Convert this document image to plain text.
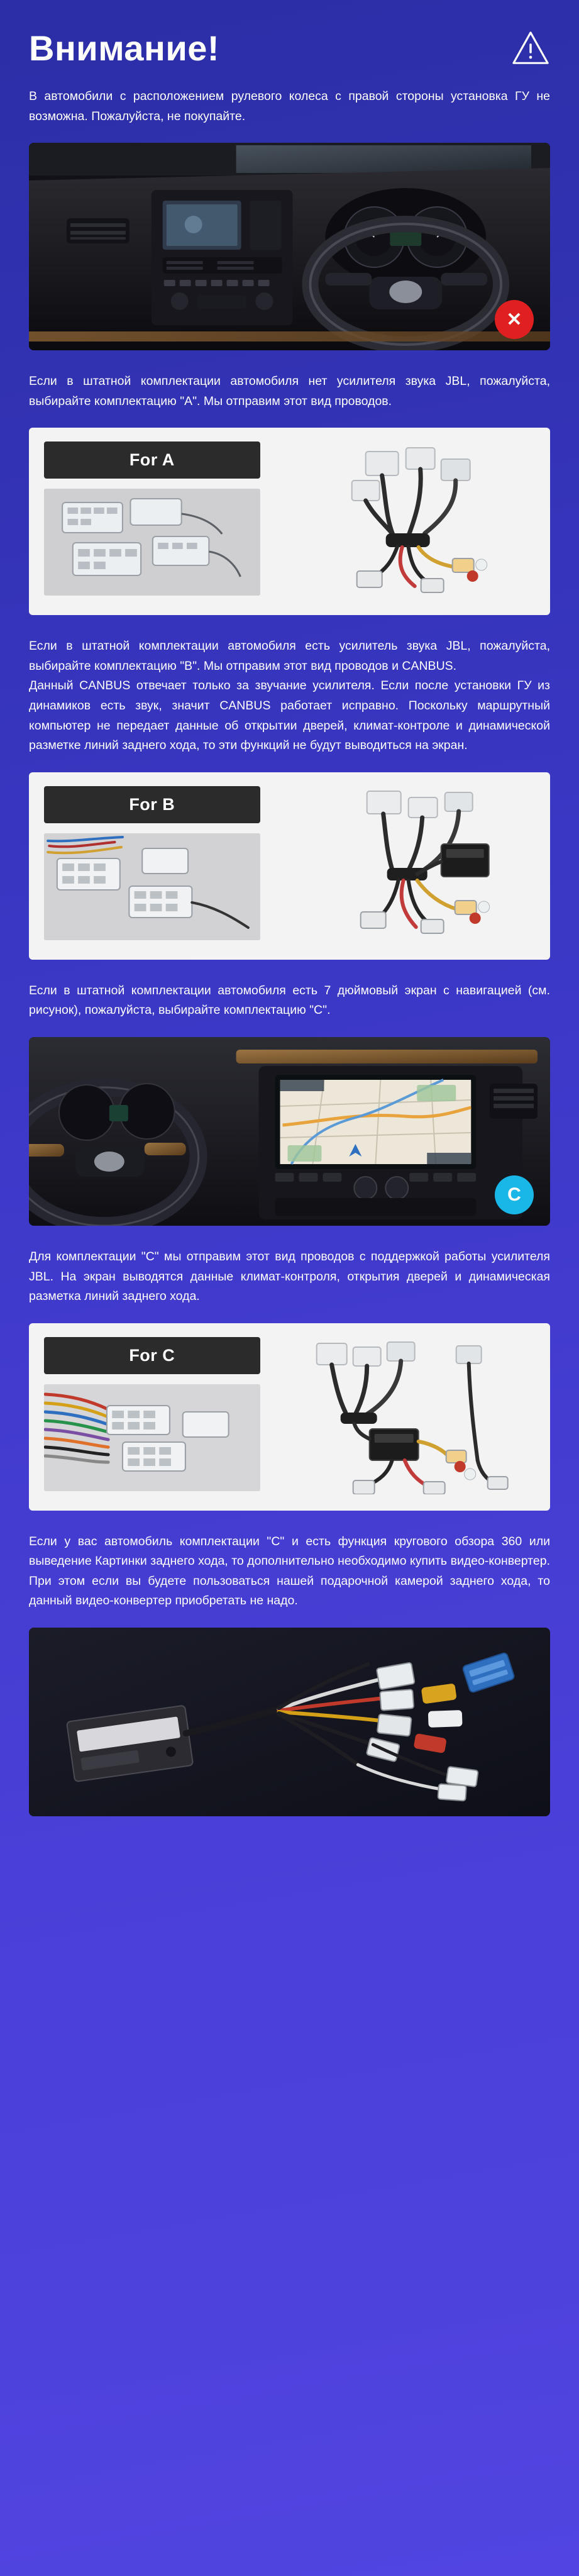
Внимание!
В автомобили с расположением рулевого колеса с правой стороны установка ГУ не возможна. Пожалуйста, не покупайте.
✕
Если в штатной комплектации автомобиля нет усилителя звука JBL, пожалуйста, выбирайте комплектацию "A". Мы отправим этот вид проводов.
For A
Если в штатной комплектации автомобиля есть усилитель звука JBL, пожалуйста, выбирайте комплектацию "B". Мы отправим этот вид проводов и CANBUS.
Данный CANBUS отвечает только за звучание усилителя. Если после установки ГУ из динамиков есть звук, значит CANBUS работает исправно. Поскольку маршрутный компьютер не передает данные об открытии дверей, климат-контроле и динамической разметке линий заднего хода, то эти функций не будут выводиться на экран.
For B
Если в штатной комплектации автомобиля есть 7 дюймовый экран с навигацией (см. рисунок), пожалуйста, выбирайте комплектацию "C".
C
Для комплектации "C" мы отправим этот вид проводов с поддержкой работы усилителя JBL. На экран выводятся данные климат-контроля, открытия дверей и динамическая разметка линий заднего хода.
For C
Если у вас автомобиль комплектации "C" и есть функция кругового обзора 360 или выведение Картинки заднего хода, то дополнительно необходимо купить видео-конвертер. При этом если вы будете пользоваться нашей подарочной камерой заднего хода, то данный видео-конвертер приобретать не надо.
